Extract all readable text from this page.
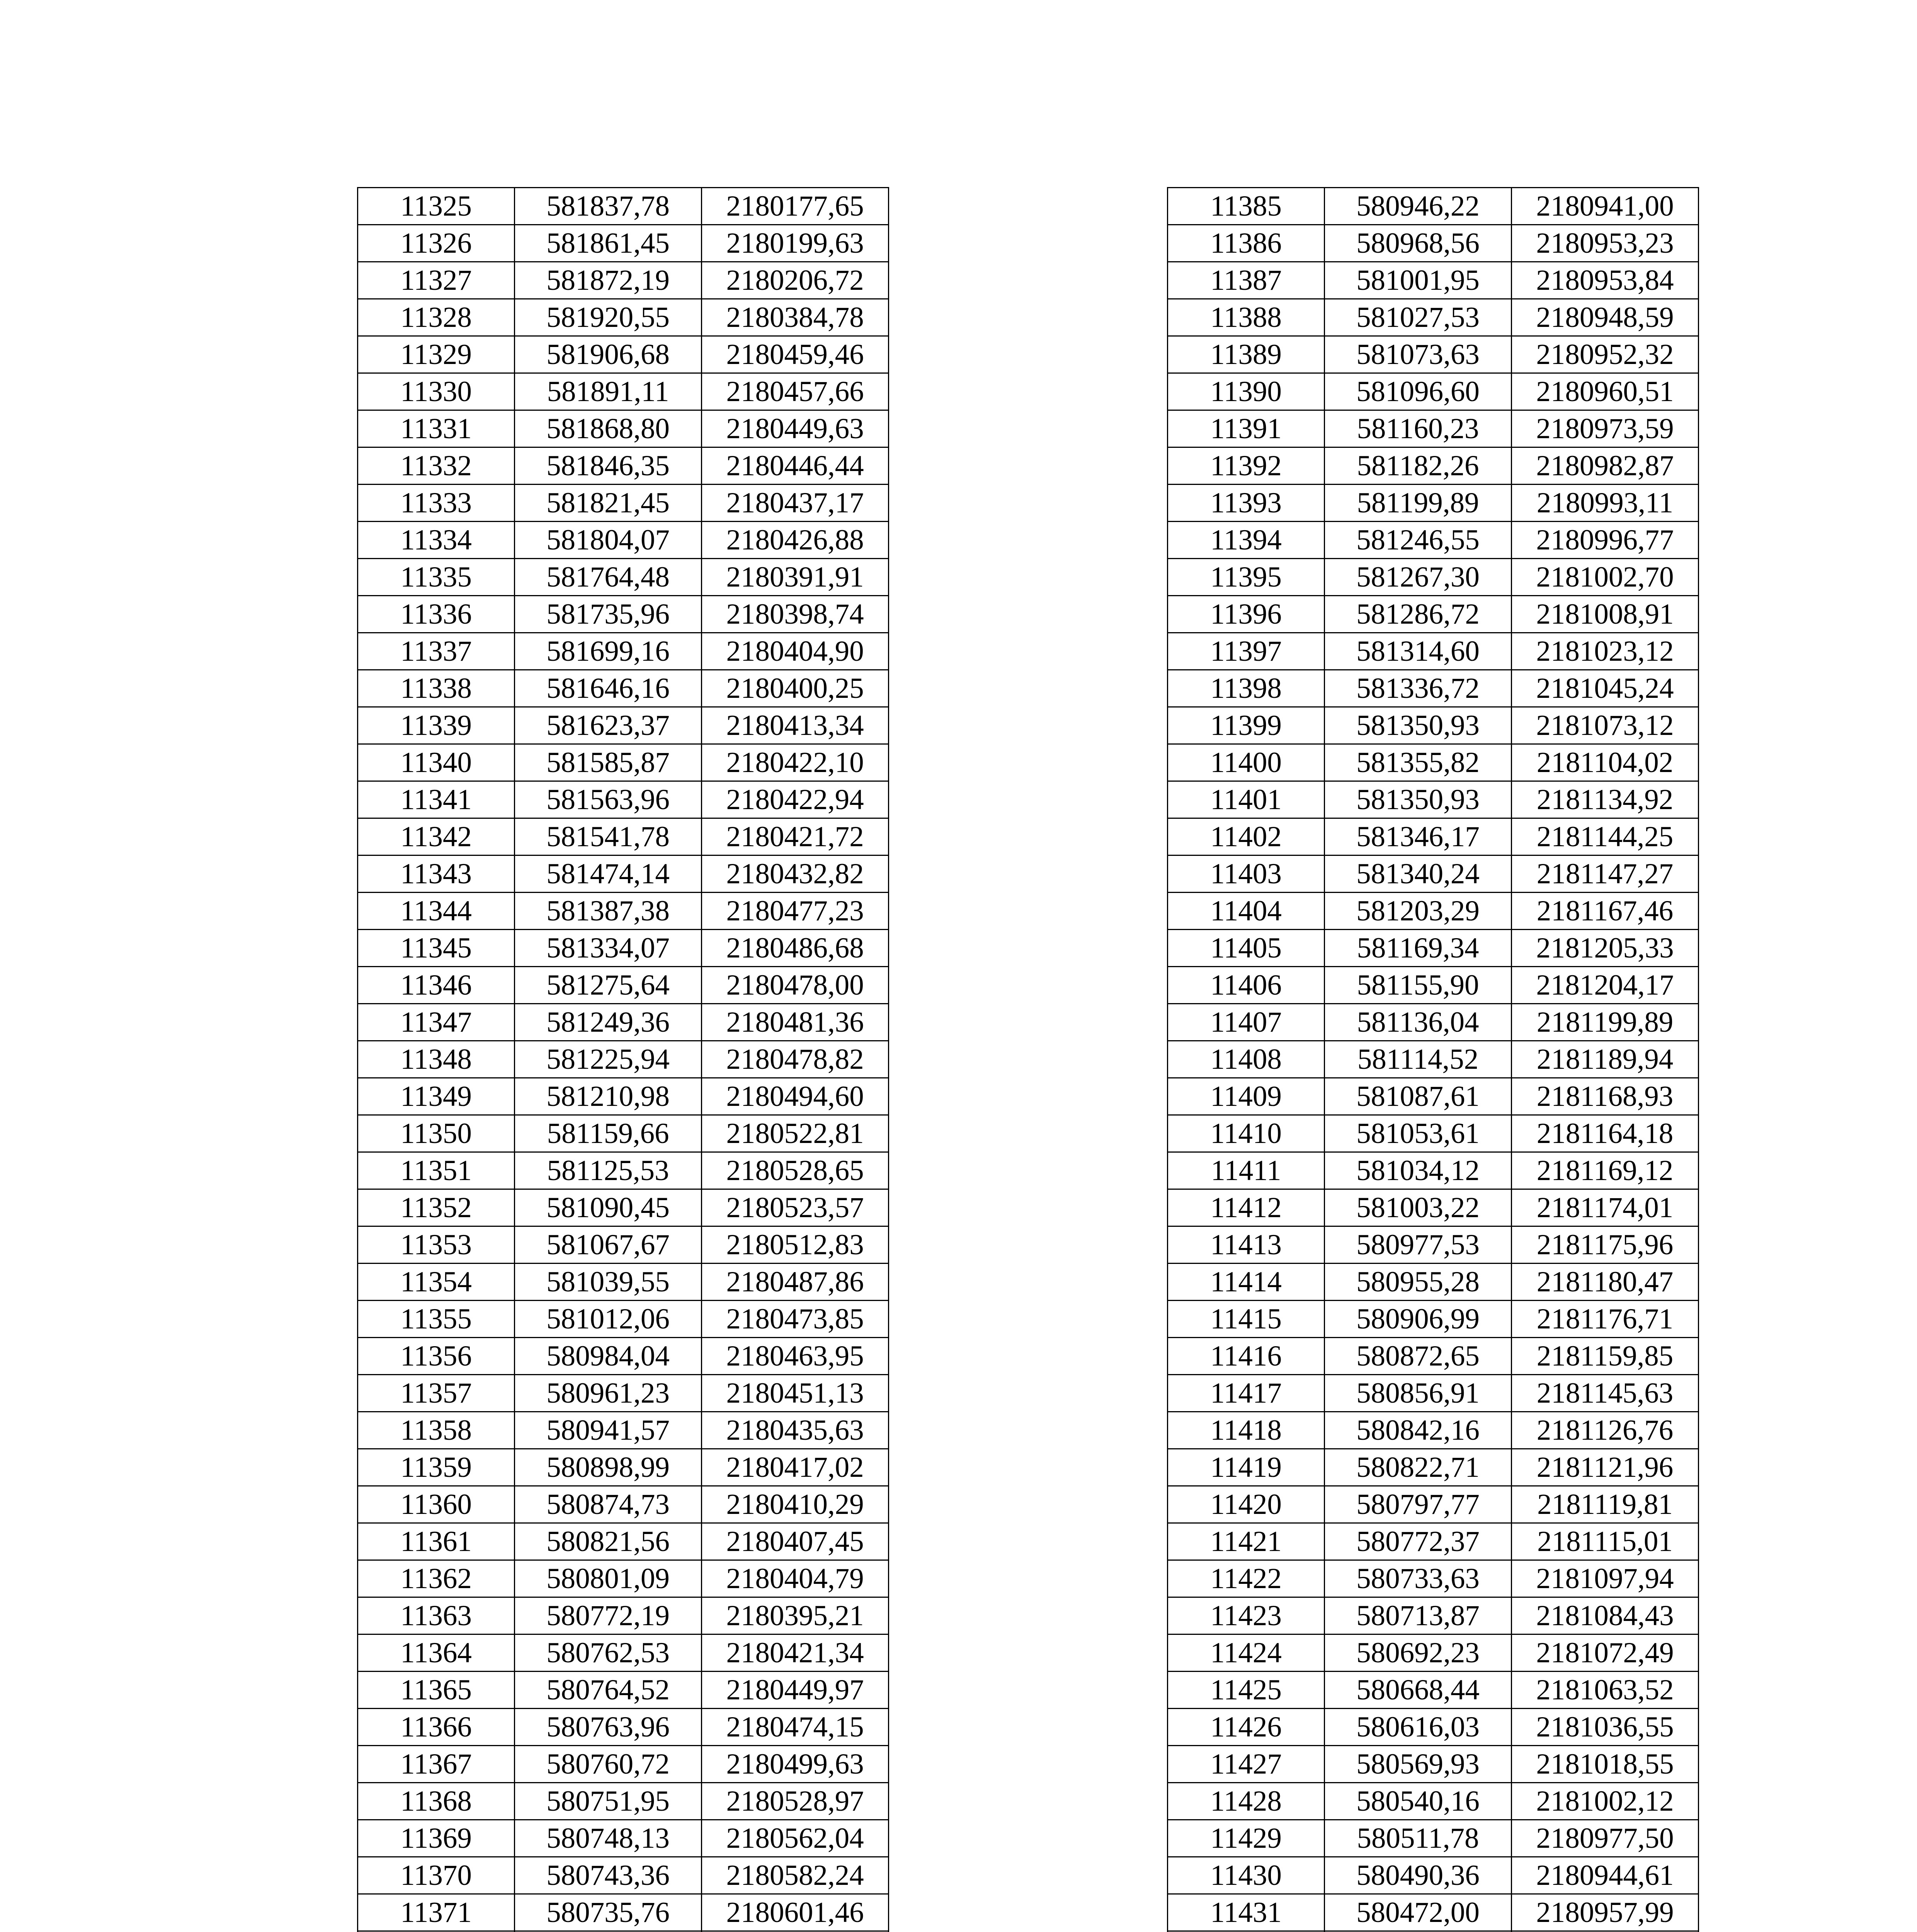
11325	581837,78	2180177,65
11326	581861,45	2180199,63
11327	581872,19	2180206,72
11328	581920,55	2180384,78
11329	581906,68	2180459,46
11330	581891,11	2180457,66
11331	581868,80	2180449,63
11332	581846,35	2180446,44
11333	581821,45	2180437,17
11334	581804,07	2180426,88
11335	581764,48	2180391,91
11336	581735,96	2180398,74
11337	581699,16	2180404,90
11338	581646,16	2180400,25
11339	581623,37	2180413,34
11340	581585,87	2180422,10
11341	581563,96	2180422,94
11342	581541,78	2180421,72
11343	581474,14	2180432,82
11344	581387,38	2180477,23
11345	581334,07	2180486,68
11346	581275,64	2180478,00
11347	581249,36	2180481,36
11348	581225,94	2180478,82
11349	581210,98	2180494,60
11350	581159,66	2180522,81
11351	581125,53	2180528,65
11352	581090,45	2180523,57
11353	581067,67	2180512,83
11354	581039,55	2180487,86
11355	581012,06	2180473,85
11356	580984,04	2180463,95
11357	580961,23	2180451,13
11358	580941,57	2180435,63
11359	580898,99	2180417,02
11360	580874,73	2180410,29
11361	580821,56	2180407,45
11362	580801,09	2180404,79
11363	580772,19	2180395,21
11364	580762,53	2180421,34
11365	580764,52	2180449,97
11366	580763,96	2180474,15
11367	580760,72	2180499,63
11368	580751,95	2180528,97
11369	580748,13	2180562,04
11370	580743,36	2180582,24
11371	580735,76	2180601,46

11385	580946,22	2180941,00
11386	580968,56	2180953,23
11387	581001,95	2180953,84
11388	581027,53	2180948,59
11389	581073,63	2180952,32
11390	581096,60	2180960,51
11391	581160,23	2180973,59
11392	581182,26	2180982,87
11393	581199,89	2180993,11
11394	581246,55	2180996,77
11395	581267,30	2181002,70
11396	581286,72	2181008,91
11397	581314,60	2181023,12
11398	581336,72	2181045,24
11399	581350,93	2181073,12
11400	581355,82	2181104,02
11401	581350,93	2181134,92
11402	581346,17	2181144,25
11403	581340,24	2181147,27
11404	581203,29	2181167,46
11405	581169,34	2181205,33
11406	581155,90	2181204,17
11407	581136,04	2181199,89
11408	581114,52	2181189,94
11409	581087,61	2181168,93
11410	581053,61	2181164,18
11411	581034,12	2181169,12
11412	581003,22	2181174,01
11413	580977,53	2181175,96
11414	580955,28	2181180,47
11415	580906,99	2181176,71
11416	580872,65	2181159,85
11417	580856,91	2181145,63
11418	580842,16	2181126,76
11419	580822,71	2181121,96
11420	580797,77	2181119,81
11421	580772,37	2181115,01
11422	580733,63	2181097,94
11423	580713,87	2181084,43
11424	580692,23	2181072,49
11425	580668,44	2181063,52
11426	580616,03	2181036,55
11427	580569,93	2181018,55
11428	580540,16	2181002,12
11429	580511,78	2180977,50
11430	580490,36	2180944,61
11431	580472,00	2180957,99
